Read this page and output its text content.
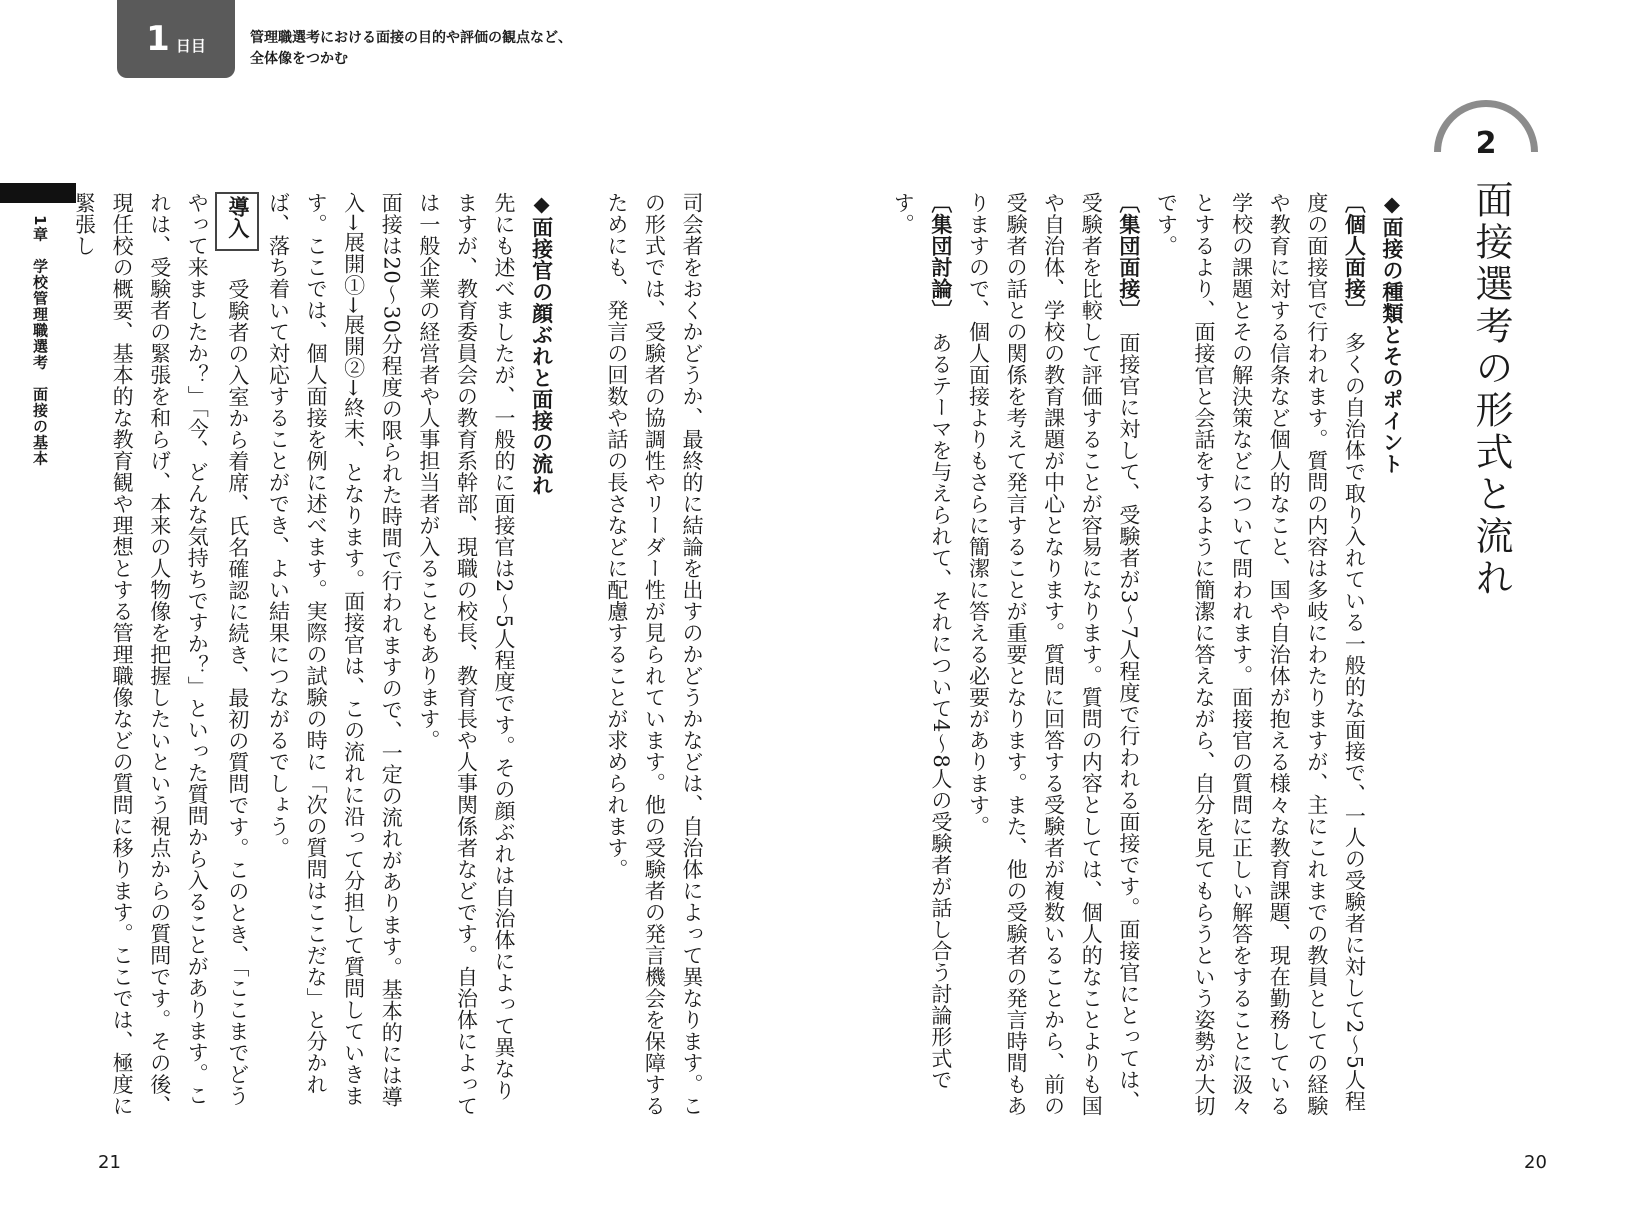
1 日目	管理職選考における面接の目的や評価の観点など、
全体像をつかむ
1章　学校管理職選考　面接の基本
2
面接選考の形式と流れ

◆面接の種類とそのポイント

〔個人面接〕　多くの自治体で取り入れている一般的な面接で、一人の受験者に対して2～5人程度の面接官で行われます。質問の内容は多岐にわたりますが、主にこれまでの教員としての経験や教育に対する信条など個人的なこと、国や自治体が抱える様々な教育課題、現在勤務している学校の課題とその解決策などについて問われます。面接官の質問に正しい解答をすることに汲々とするより、面接官と会話をするように簡潔に答えながら、自分を見てもらうという姿勢が大切です。

〔集団面接〕　面接官に対して、受験者が3～7人程度で行われる面接です。面接官にとっては、受験者を比較して評価することが容易になります。質問の内容としては、個人的なことよりも国や自治体、学校の教育課題が中心となります。質問に回答する受験者が複数いることから、前の受験者の話との関係を考えて発言することが重要となります。また、他の受験者の発言時間もありますので、個人面接よりもさらに簡潔に答える必要があります。

〔集団討論〕　あるテーマを与えられて、それについて4～8人の受験者が話し合う討論形式です。

司会者をおくかどうか、最終的に結論を出すのかどうかなどは、自治体によって異なります。この形式では、受験者の協調性やリーダー性が見られています。他の受験者の発言機会を保障するためにも、発言の回数や話の長さなどに配慮することが求められます。

◆面接官の顔ぶれと面接の流れ

先にも述べましたが、一般的に面接官は2～5人程度です。その顔ぶれは自治体によって異なりますが、教育委員会の教育系幹部、現職の校長、教育長や人事関係者などです。自治体によっては一般企業の経営者や人事担当者が入ることもあります。

面接は20～30分程度の限られた時間で行われますので、一定の流れがあります。基本的には導入→展開①→展開②→終末、となります。面接官は、この流れに沿って分担して質問していきます。ここでは、個人面接を例に述べます。実際の試験の時に「次の質問はここだな」と分かれば、落ち着いて対応することができ、よい結果につながるでしょう。

導入　受験者の入室から着席、氏名確認に続き、最初の質問です。このとき、「ここまでどうやって来ましたか？」「今、どんな気持ちですか？」といった質問から入ることがあります。これは、受験者の緊張を和らげ、本来の人物像を把握したいという視点からの質問です。その後、現任校の概要、基本的な教育観や理想とする管理職像などの質問に移ります。ここでは、極度に緊張し

21	20
